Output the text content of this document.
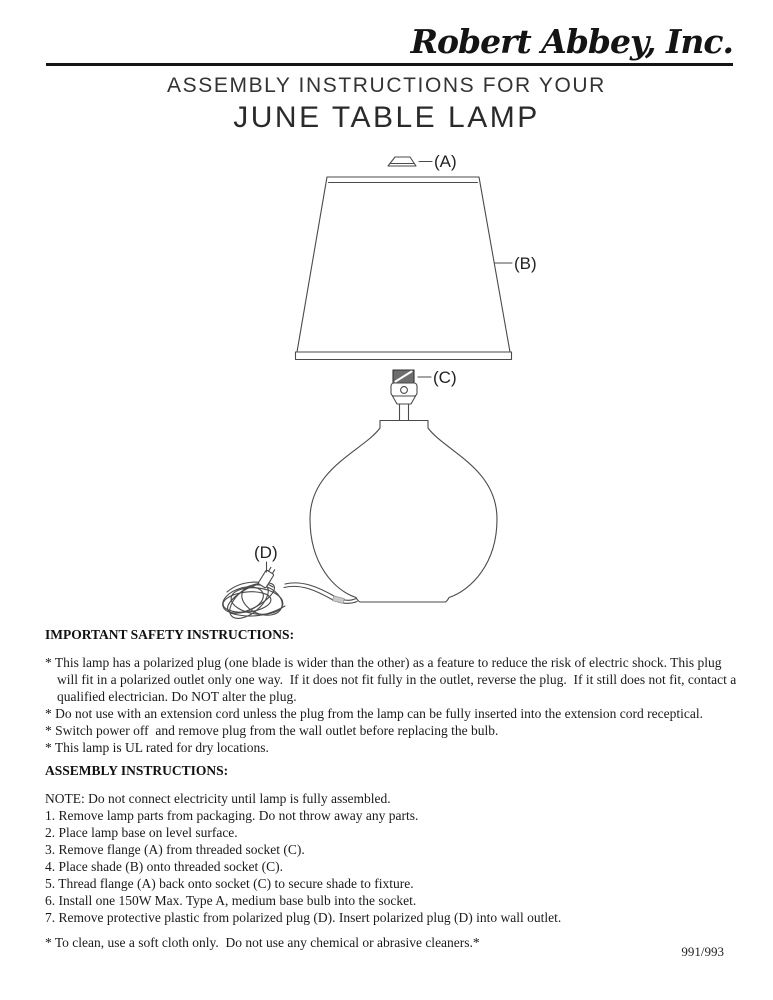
Robert Abbey, Inc.
ASSEMBLY INSTRUCTIONS FOR YOUR
JUNE TABLE LAMP
(A)
(B)
(C)
(D)
IMPORTANT SAFETY INSTRUCTIONS:
* This lamp has a polarized plug (one blade is wider than the other) as a feature to reduce the risk of electric shock. This plug will fit in a polarized outlet only one way.  If it does not fit fully in the outlet, reverse the plug.  If it still does not fit, contact a qualified electrician. Do NOT alter the plug.
* Do not use with an extension cord unless the plug from the lamp can be fully inserted into the extension cord receptical.
* Switch power off  and remove plug from the wall outlet before replacing the bulb.
* This lamp is UL rated for dry locations.
ASSEMBLY INSTRUCTIONS:
NOTE: Do not connect electricity until lamp is fully assembled.
1. Remove lamp parts from packaging. Do not throw away any parts.
2. Place lamp base on level surface.
3. Remove flange (A) from threaded socket (C).
4. Place shade (B) onto threaded socket (C).
5. Thread flange (A) back onto socket (C) to secure shade to fixture.
6. Install one 150W Max. Type A, medium base bulb into the socket.
7. Remove protective plastic from polarized plug (D). Insert polarized plug (D) into wall outlet.
* To clean, use a soft cloth only.  Do not use any chemical or abrasive cleaners.*
991/993
